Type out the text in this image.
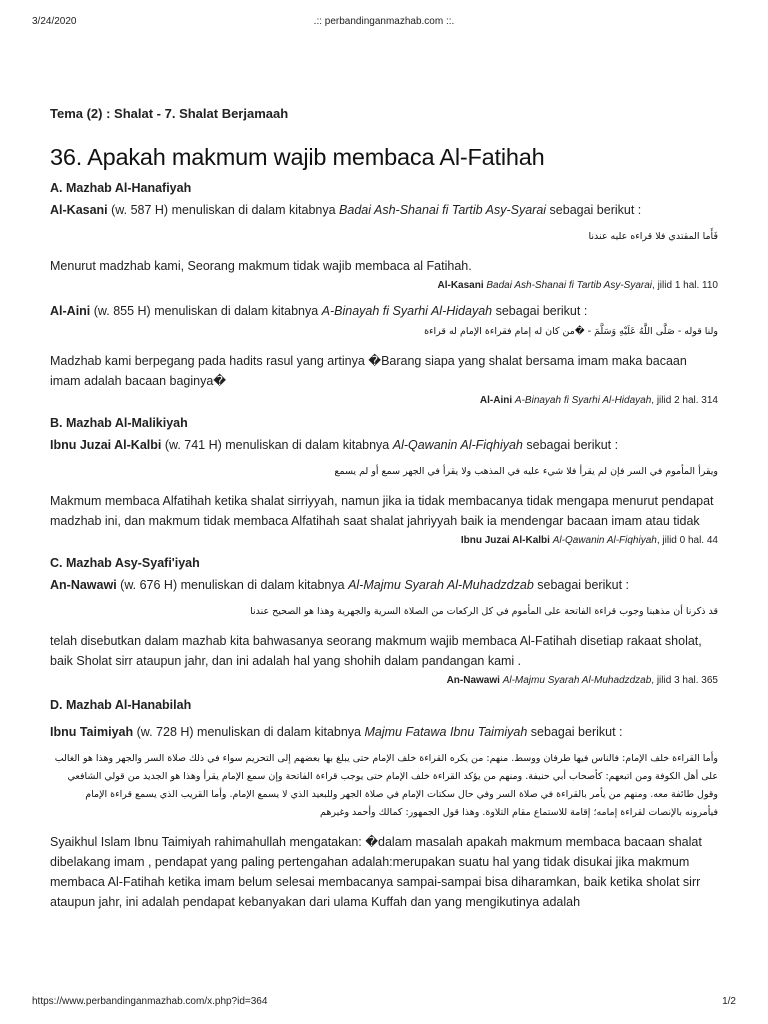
3/24/2020	.:: perbandinganmazhab.com ::.
Tema (2) : Shalat - 7. Shalat Berjamaah
36. Apakah makmum wajib membaca Al-Fatihah
A. Mazhab Al-Hanafiyah

Al-Kasani (w. 587 H) menuliskan di dalam kitabnya Badai Ash-Shanai fi Tartib Asy-Syarai sebagai berikut :

فَأَما المقتدي فلا قراءه عليه عندنا

Menurut madzhab kami, Seorang makmum tidak wajib membaca al Fatihah.

Al-Kasani Badai Ash-Shanai fi Tartib Asy-Syarai, jilid 1 hal. 110

Al-Aini (w. 855 H) menuliskan di dalam kitabnya A-Binayah fi Syarhi Al-Hidayah sebagai berikut :

ولنا قوله - صَلَّى اللَّهُ عَلَيْهِ وَسَلَّمَ - �من كان له إمام فقراءة الإمام له قراءة

Madzhab kami berpegang pada hadits rasul yang artinya �Barang siapa yang shalat bersama imam maka bacaan imam adalah bacaan baginya�

Al-Aini A-Binayah fi Syarhi Al-Hidayah, jilid 2 hal. 314
B. Mazhab Al-Malikiyah

Ibnu Juzai Al-Kalbi (w. 741 H) menuliskan di dalam kitabnya Al-Qawanin Al-Fiqhiyah sebagai berikut :

ويقرأ المأموم في السر فإن لم يقرأ فلا شيء عليه في المذهب ولا يقرأ في الجهر سمع أو لم يسمع

Makmum membaca Alfatihah ketika shalat sirriyyah, namun jika ia tidak membacanya tidak mengapa menurut pendapat madzhab ini, dan makmum tidak membaca Alfatihah saat shalat jahriyyah baik ia mendengar bacaan imam atau tidak

Ibnu Juzai Al-Kalbi Al-Qawanin Al-Fiqhiyah, jilid 0 hal. 44
C. Mazhab Asy-Syafi'iyah

An-Nawawi (w. 676 H) menuliskan di dalam kitabnya Al-Majmu Syarah Al-Muhadzdzab sebagai berikut :

قد ذكرنا أن مذهبنا وجوب قراءة الفاتحة على المأموم في كل الركعات من الصلاة السرية والجهرية وهذا هو الصحيح عندنا

telah disebutkan dalam mazhab kita bahwasanya seorang makmum wajib membaca Al-Fatihah disetiap rakaat sholat, baik Sholat sirr ataupun jahr, dan ini adalah hal yang shohih dalam pandangan kami .

An-Nawawi Al-Majmu Syarah Al-Muhadzdzab, jilid 3 hal. 365
D. Mazhab Al-Hanabilah

Ibnu Taimiyah (w. 728 H) menuliskan di dalam kitabnya Majmu Fatawa Ibnu Taimiyah sebagai berikut :

وأما القراءة خلف الإمام: فالناس فيها طرفان ووسط. منهم: من يكره القراءة خلف الإمام حتى يبلغ بها بعضهم إلى التحريم سواء في ذلك صلاة السر والجهر وهذا هو الغالب على أهل الكوفة ومن اتبعهم: كأصحاب أبي حنيفة. ومنهم من يؤكد القراءة خلف الإمام حتى يوجب قراءة الفاتحة وإن سمع الإمام يقرأ وهذا هو الجديد من قولي الشافعي وقول طائفة معه. ومنهم من يأمر بالقراءة في صلاة السر وفي حال سكتات الإمام في صلاة الجهر وللبعيد الذي لا يسمع الإمام. وأما القريب الذي يسمع قراءة الإمام فيأمرونه بالإنصات لقراءة إمامه؛ إقامة للاستماع مقام التلاوة. وهذا قول الجمهور: كمالك وأحمد وغيرهم

Syaikhul Islam Ibnu Taimiyah rahimahullah mengatakan: �dalam masalah apakah makmum membaca bacaan shalat dibelakang imam , pendapat yang paling pertengahan adalah:merupakan suatu hal yang tidak disukai jika makmum membaca Al-Fatihah ketika imam belum selesai membacanya sampai-sampai bisa diharamkan, baik ketika sholat sirr ataupun jahr, ini adalah pendapat kebanyakan dari ulama Kuffah dan yang mengikutinya adalah

https://www.perbandinganmazhab.com/x.php?id=364	1/2
